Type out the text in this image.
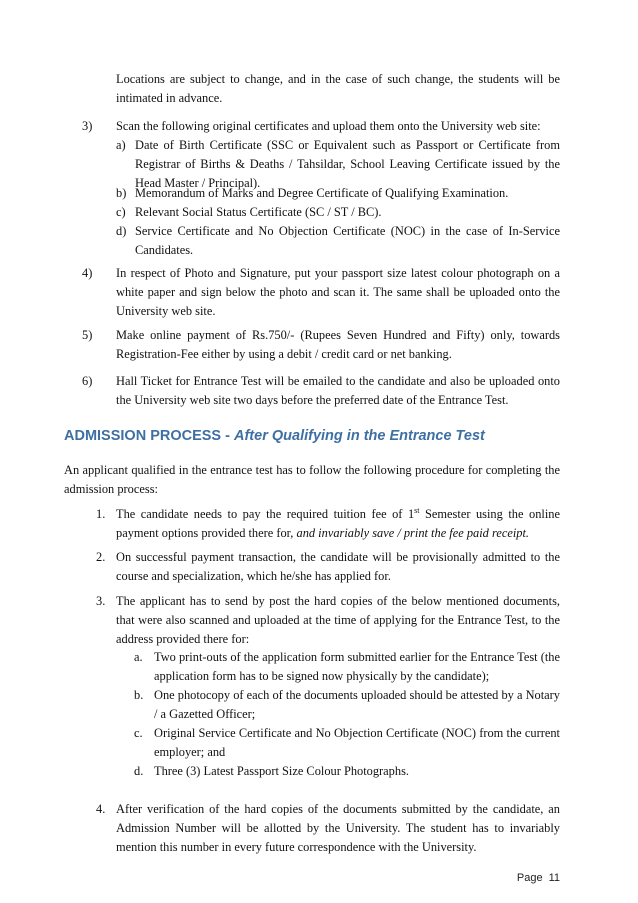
Locations are subject to change, and in the case of such change, the students will be intimated in advance.
3) Scan the following original certificates and upload them onto the University web site:
a) Date of Birth Certificate (SSC or Equivalent such as Passport or Certificate from Registrar of Births & Deaths / Tahsildar, School Leaving Certificate issued by the Head Master / Principal).
b) Memorandum of Marks and Degree Certificate of Qualifying Examination.
c) Relevant Social Status Certificate (SC / ST / BC).
d) Service Certificate and No Objection Certificate (NOC) in the case of In-Service Candidates.
4) In respect of Photo and Signature, put your passport size latest colour photograph on a white paper and sign below the photo and scan it. The same shall be uploaded onto the University web site.
5) Make online payment of Rs.750/- (Rupees Seven Hundred and Fifty) only, towards Registration-Fee either by using a debit / credit card or net banking.
6) Hall Ticket for Entrance Test will be emailed to the candidate and also be uploaded onto the University web site two days before the preferred date of the Entrance Test.
ADMISSION PROCESS - After Qualifying in the Entrance Test
An applicant qualified in the entrance test has to follow the following procedure for completing the admission process:
1. The candidate needs to pay the required tuition fee of 1st Semester using the online payment options provided there for, and invariably save / print the fee paid receipt.
2. On successful payment transaction, the candidate will be provisionally admitted to the course and specialization, which he/she has applied for.
3. The applicant has to send by post the hard copies of the below mentioned documents, that were also scanned and uploaded at the time of applying for the Entrance Test, to the address provided there for:
a. Two print-outs of the application form submitted earlier for the Entrance Test (the application form has to be signed now physically by the candidate);
b. One photocopy of each of the documents uploaded should be attested by a Notary / a Gazetted Officer;
c. Original Service Certificate and No Objection Certificate (NOC) from the current employer; and
d. Three (3) Latest Passport Size Colour Photographs.
4. After verification of the hard copies of the documents submitted by the candidate, an Admission Number will be allotted by the University. The student has to invariably mention this number in every future correspondence with the University.
Page 11
